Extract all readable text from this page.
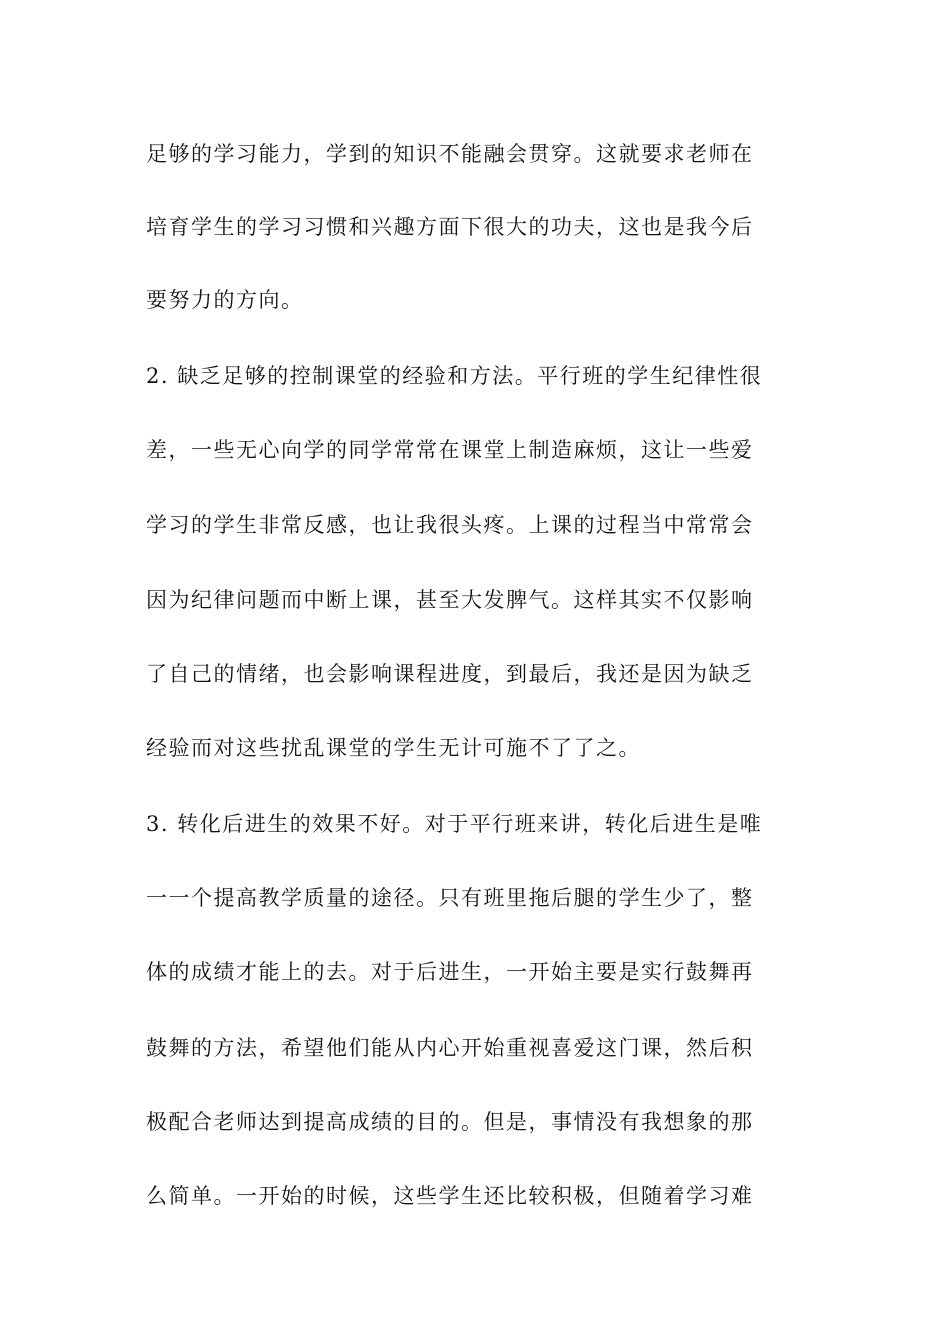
足够的学习能力，学到的知识不能融会贯穿。这就要求老师在
培育学生的学习习惯和兴趣方面下很大的功夫，这也是我今后
要努力的方向。
2. 缺乏足够的控制课堂的经验和方法。平行班的学生纪律性很
差，一些无心向学的同学常常在课堂上制造麻烦，这让一些爱
学习的学生非常反感，也让我很头疼。上课的过程当中常常会
因为纪律问题而中断上课，甚至大发脾气。这样其实不仅影响
了自己的情绪，也会影响课程进度，到最后，我还是因为缺乏
经验而对这些扰乱课堂的学生无计可施不了了之。
3. 转化后进生的效果不好。对于平行班来讲，转化后进生是唯
一一个提高教学质量的途径。只有班里拖后腿的学生少了，整
体的成绩才能上的去。对于后进生，一开始主要是实行鼓舞再
鼓舞的方法，希望他们能从内心开始重视喜爱这门课，然后积
极配合老师达到提高成绩的目的。但是，事情没有我想象的那
么简单。一开始的时候，这些学生还比较积极，但随着学习难
